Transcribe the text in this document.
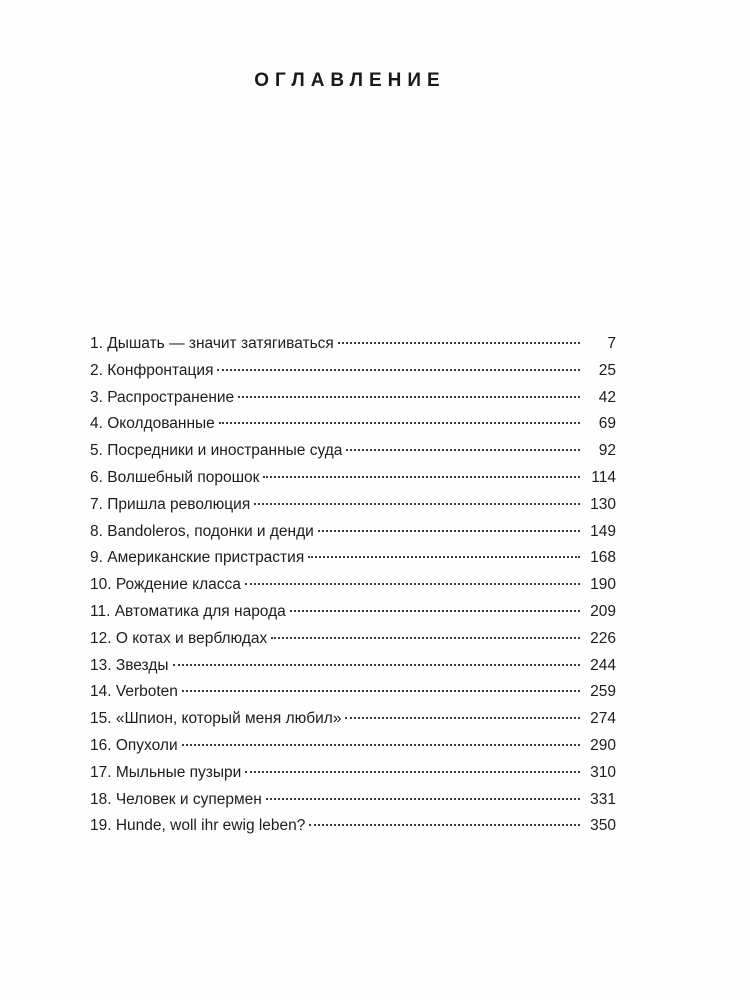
ОГЛАВЛЕНИЕ
1. Дышать — значит затягиваться	7
2. Конфронтация	25
3. Распространение	42
4. Околдованные	69
5. Посредники и иностранные суда	92
6. Волшебный порошок	114
7. Пришла революция	130
8. Bandoleros, подонки и денди	149
9. Американские пристрастия	168
10. Рождение класса	190
11. Автоматика для народа	209
12. О котах и верблюдах	226
13. Звезды	244
14. Verboten	259
15. «Шпион, который меня любил»	274
16. Опухоли	290
17. Мыльные пузыри	310
18. Человек и супермен	331
19. Hunde, woll ihr ewig leben?	350
